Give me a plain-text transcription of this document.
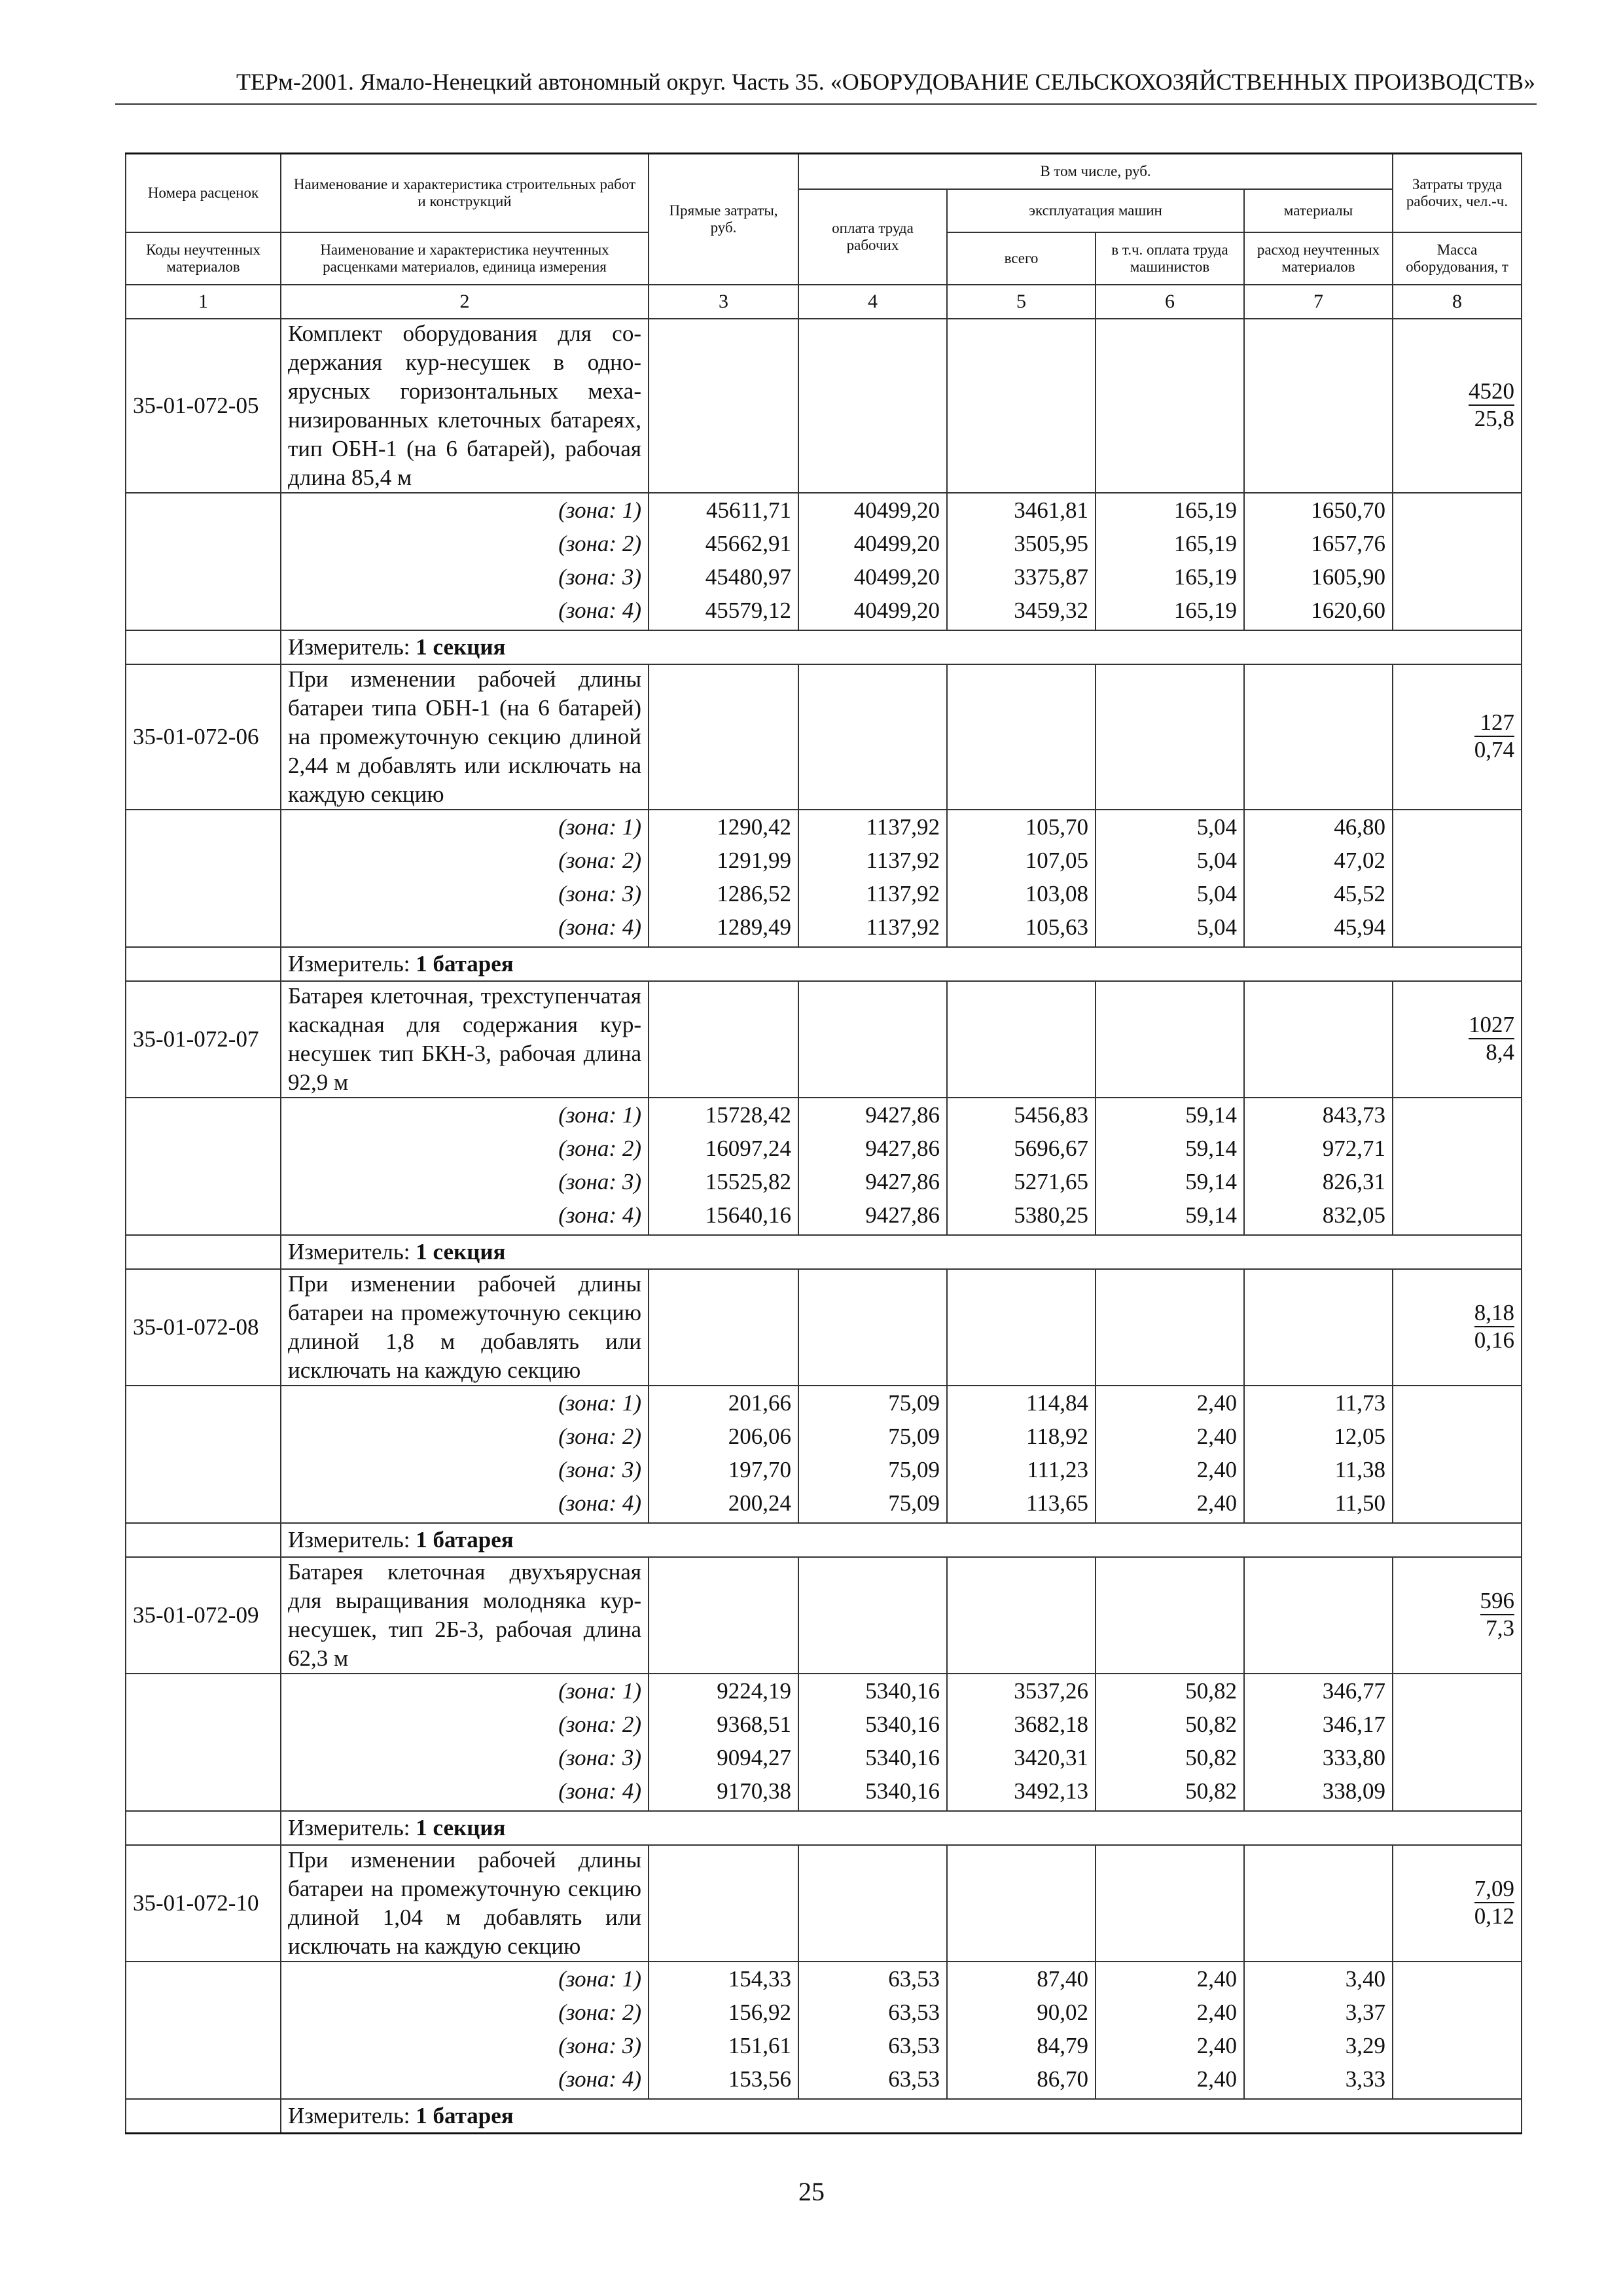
ТЕРм-2001. Ямало-Ненецкий автономный округ. Часть 35. «ОБОРУДОВАНИЕ СЕЛЬСКОХОЗЯЙСТВЕННЫХ ПРОИЗВОДСТВ»
Номера расценок	Наименование и характеристика строительных работ и конструкций	Прямые затраты, руб.	В том числе, руб.				Затраты труда рабочих, чел.-ч.
			оплата труда рабочих	эксплуатация машин		материалы	
Коды неучтенных материалов	Наименование и характеристика неучтенных расценками материалов, единица измерения			всего	в т.ч. оплата труда машинистов	расход неучтенных материалов	Масса оборудования, т
1	2	3	4	5	6	7	8
35-01-072-05	Комплект оборудования для содержания кур-несушек в одноярусных горизонтальных механизированных клеточных батареях, тип ОБН-1 (на 6 батарей), рабочая длина 85,4 м						$\frac{4520}{25,8}$

	(зона: 1)	45611,71	40499,20	3461,81	165,19	1650,70	
	(зона: 2)	45662,91	40499,20	3505,95	165,19	1657,76	
	(зона: 3)	45480,97	40499,20	3375,87	165,19	1605,90	
	(зона: 4)	45579,12	40499,20	3459,32	165,19	1620,60	
	Измеритель: 1 секция						
35-01-072-06	При изменении рабочей длины батареи типа ОБН-1 (на 6 батарей) на промежуточную секцию длиной 2,44 м добавлять или исключать на каждую секцию						$\frac{127}{0,74}$

	(зона: 1)	1290,42	1137,92	105,70	5,04	46,80	
	(зона: 2)	1291,99	1137,92	107,05	5,04	47,02	
	(зона: 3)	1286,52	1137,92	103,08	5,04	45,52	
	(зона: 4)	1289,49	1137,92	105,63	5,04	45,94	
	Измеритель: 1 батарея						
35-01-072-07	Батарея клеточная, трехступенчатая каскадная для содержания кур-несушек тип БКН-3, рабочая длина 92,9 м						$\frac{1027}{8,4}$

	(зона: 1)	15728,42	9427,86	5456,83	59,14	843,73	
	(зона: 2)	16097,24	9427,86	5696,67	59,14	972,71	
	(зона: 3)	15525,82	9427,86	5271,65	59,14	826,31	
	(зона: 4)	15640,16	9427,86	5380,25	59,14	832,05	
	Измеритель: 1 секция						
35-01-072-08	При изменении рабочей длины батареи на промежуточную секцию длиной 1,8 м добавлять или исключать на каждую секцию						$\frac{8,18}{0,16}$

	(зона: 1)	201,66	75,09	114,84	2,40	11,73	
	(зона: 2)	206,06	75,09	118,92	2,40	12,05	
	(зона: 3)	197,70	75,09	111,23	2,40	11,38	
	(зона: 4)	200,24	75,09	113,65	2,40	11,50	
	Измеритель: 1 батарея						
35-01-072-09	Батарея клеточная двухъярусная для выращивания молодняка кур-несушек, тип 2Б-3, рабочая длина 62,3 м						$\frac{596}{7,3}$

	(зона: 1)	9224,19	5340,16	3537,26	50,82	346,77	
	(зона: 2)	9368,51	5340,16	3682,18	50,82	346,17	
	(зона: 3)	9094,27	5340,16	3420,31	50,82	333,80	
	(зона: 4)	9170,38	5340,16	3492,13	50,82	338,09	
	Измеритель: 1 секция						
35-01-072-10	При изменении рабочей длины батареи на промежуточную секцию длиной 1,04 м добавлять или исключать на каждую секцию						$\frac{7,09}{0,12}$

	(зона: 1)	154,33	63,53	87,40	2,40	3,40	
	(зона: 2)	156,92	63,53	90,02	2,40	3,37	
	(зона: 3)	151,61	63,53	84,79	2,40	3,29	
	(зона: 4)	153,56	63,53	86,70	2,40	3,33	
	Измеритель: 1 батарея						
25
